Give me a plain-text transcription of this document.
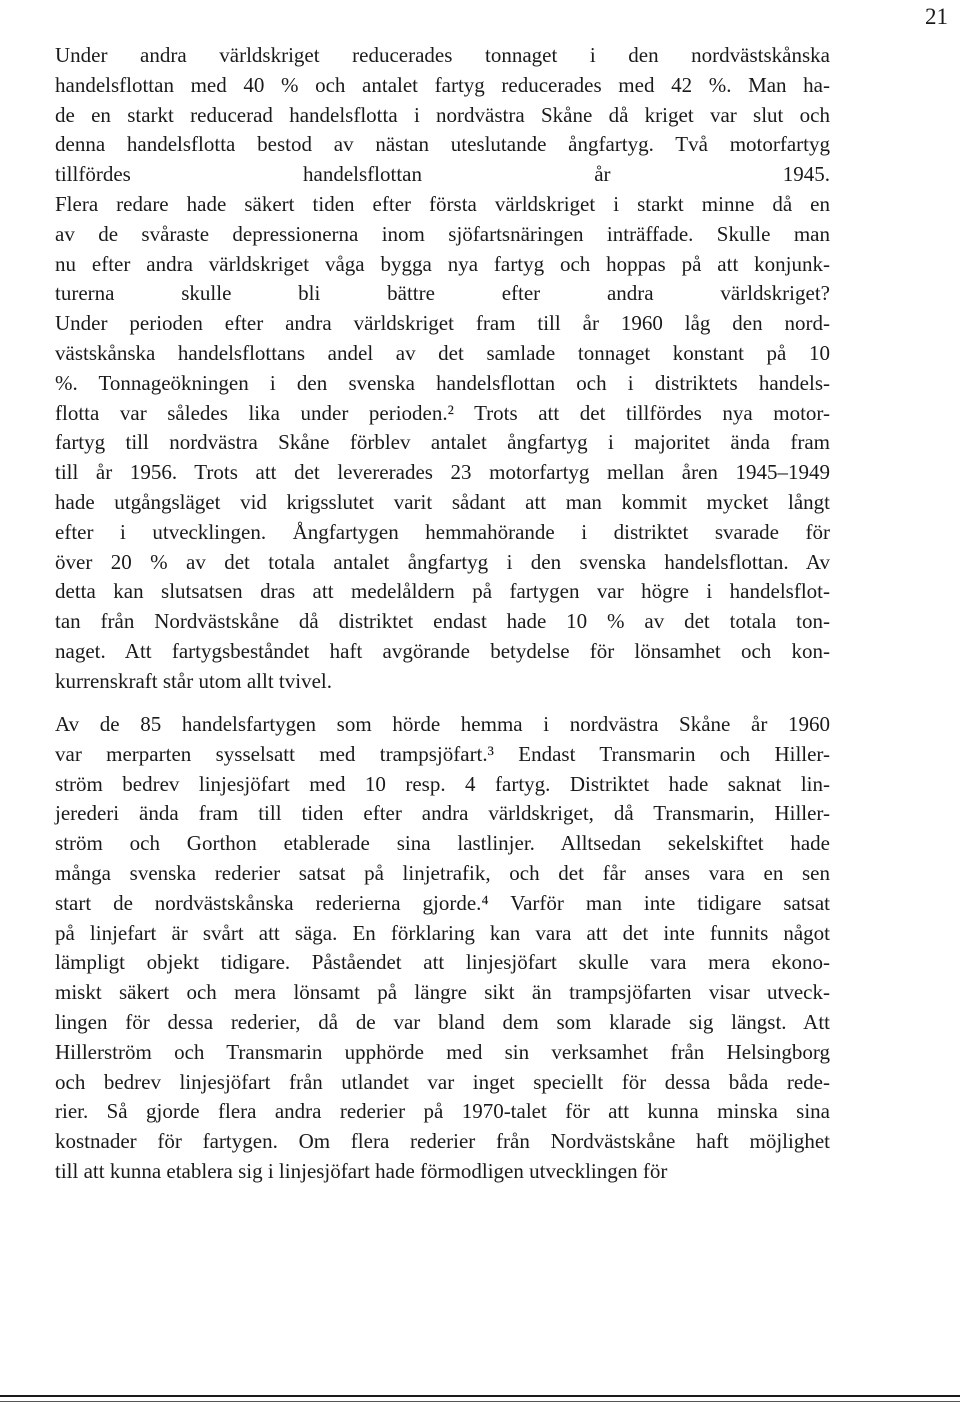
21
Under andra världskriget reducerades tonnaget i den nordvästskånska
handelsflottan med 40 % och antalet fartyg reducerades med 42 %. Man ha-
de en starkt reducerad handelsflotta i nordvästra Skåne då kriget var slut och
denna handelsflotta bestod av nästan uteslutande ångfartyg. Två motorfartyg
tillfördes handelsflottan år 1945.
Flera redare hade säkert tiden efter första världskriget i starkt minne då en
av de svåraste depressionerna inom sjöfartsnäringen inträffade. Skulle man
nu efter andra världskriget våga bygga nya fartyg och hoppas på att konjunk-
turerna skulle bli bättre efter andra världskriget?
Under perioden efter andra världskriget fram till år 1960 låg den nord-
västskånska handelsflottans andel av det samlade tonnaget konstant på 10
%. Tonnageökningen i den svenska handelsflottan och i distriktets handels-
flotta var således lika under perioden.² Trots att det tillfördes nya motor-
fartyg till nordvästra Skåne förblev antalet ångfartyg i majoritet ända fram
till år 1956. Trots att det levererades 23 motorfartyg mellan åren 1945–1949
hade utgångsläget vid krigsslutet varit sådant att man kommit mycket långt
efter i utvecklingen. Ångfartygen hemmahörande i distriktet svarade för
över 20 % av det totala antalet ångfartyg i den svenska handelsflottan. Av
detta kan slutsatsen dras att medelåldern på fartygen var högre i handelsflot-
tan från Nordvästskåne då distriktet endast hade 10 % av det totala ton-
naget. Att fartygsbeståndet haft avgörande betydelse för lönsamhet och kon-
kurrenskraft står utom allt tvivel.
Av de 85 handelsfartygen som hörde hemma i nordvästra Skåne år 1960
var merparten sysselsatt med trampsjöfart.³ Endast Transmarin och Hiller-
ström bedrev linjesjöfart med 10 resp. 4 fartyg. Distriktet hade saknat lin-
jerederi ända fram till tiden efter andra världskriget, då Transmarin, Hiller-
ström och Gorthon etablerade sina lastlinjer. Alltsedan sekelskiftet hade
många svenska rederier satsat på linjetrafik, och det får anses vara en sen
start de nordvästskånska rederierna gjorde.⁴ Varför man inte tidigare satsat
på linjefart är svårt att säga. En förklaring kan vara att det inte funnits något
lämpligt objekt tidigare. Påståendet att linjesjöfart skulle vara mera ekono-
miskt säkert och mera lönsamt på längre sikt än trampsjöfarten visar utveck-
lingen för dessa rederier, då de var bland dem som klarade sig längst. Att
Hillerström och Transmarin upphörde med sin verksamhet från Helsingborg
och bedrev linjesjöfart från utlandet var inget speciellt för dessa båda rede-
rier. Så gjorde flera andra rederier på 1970-talet för att kunna minska sina
kostnader för fartygen. Om flera rederier från Nordvästskåne haft möjlighet
till att kunna etablera sig i linjesjöfart hade förmodligen utvecklingen för
